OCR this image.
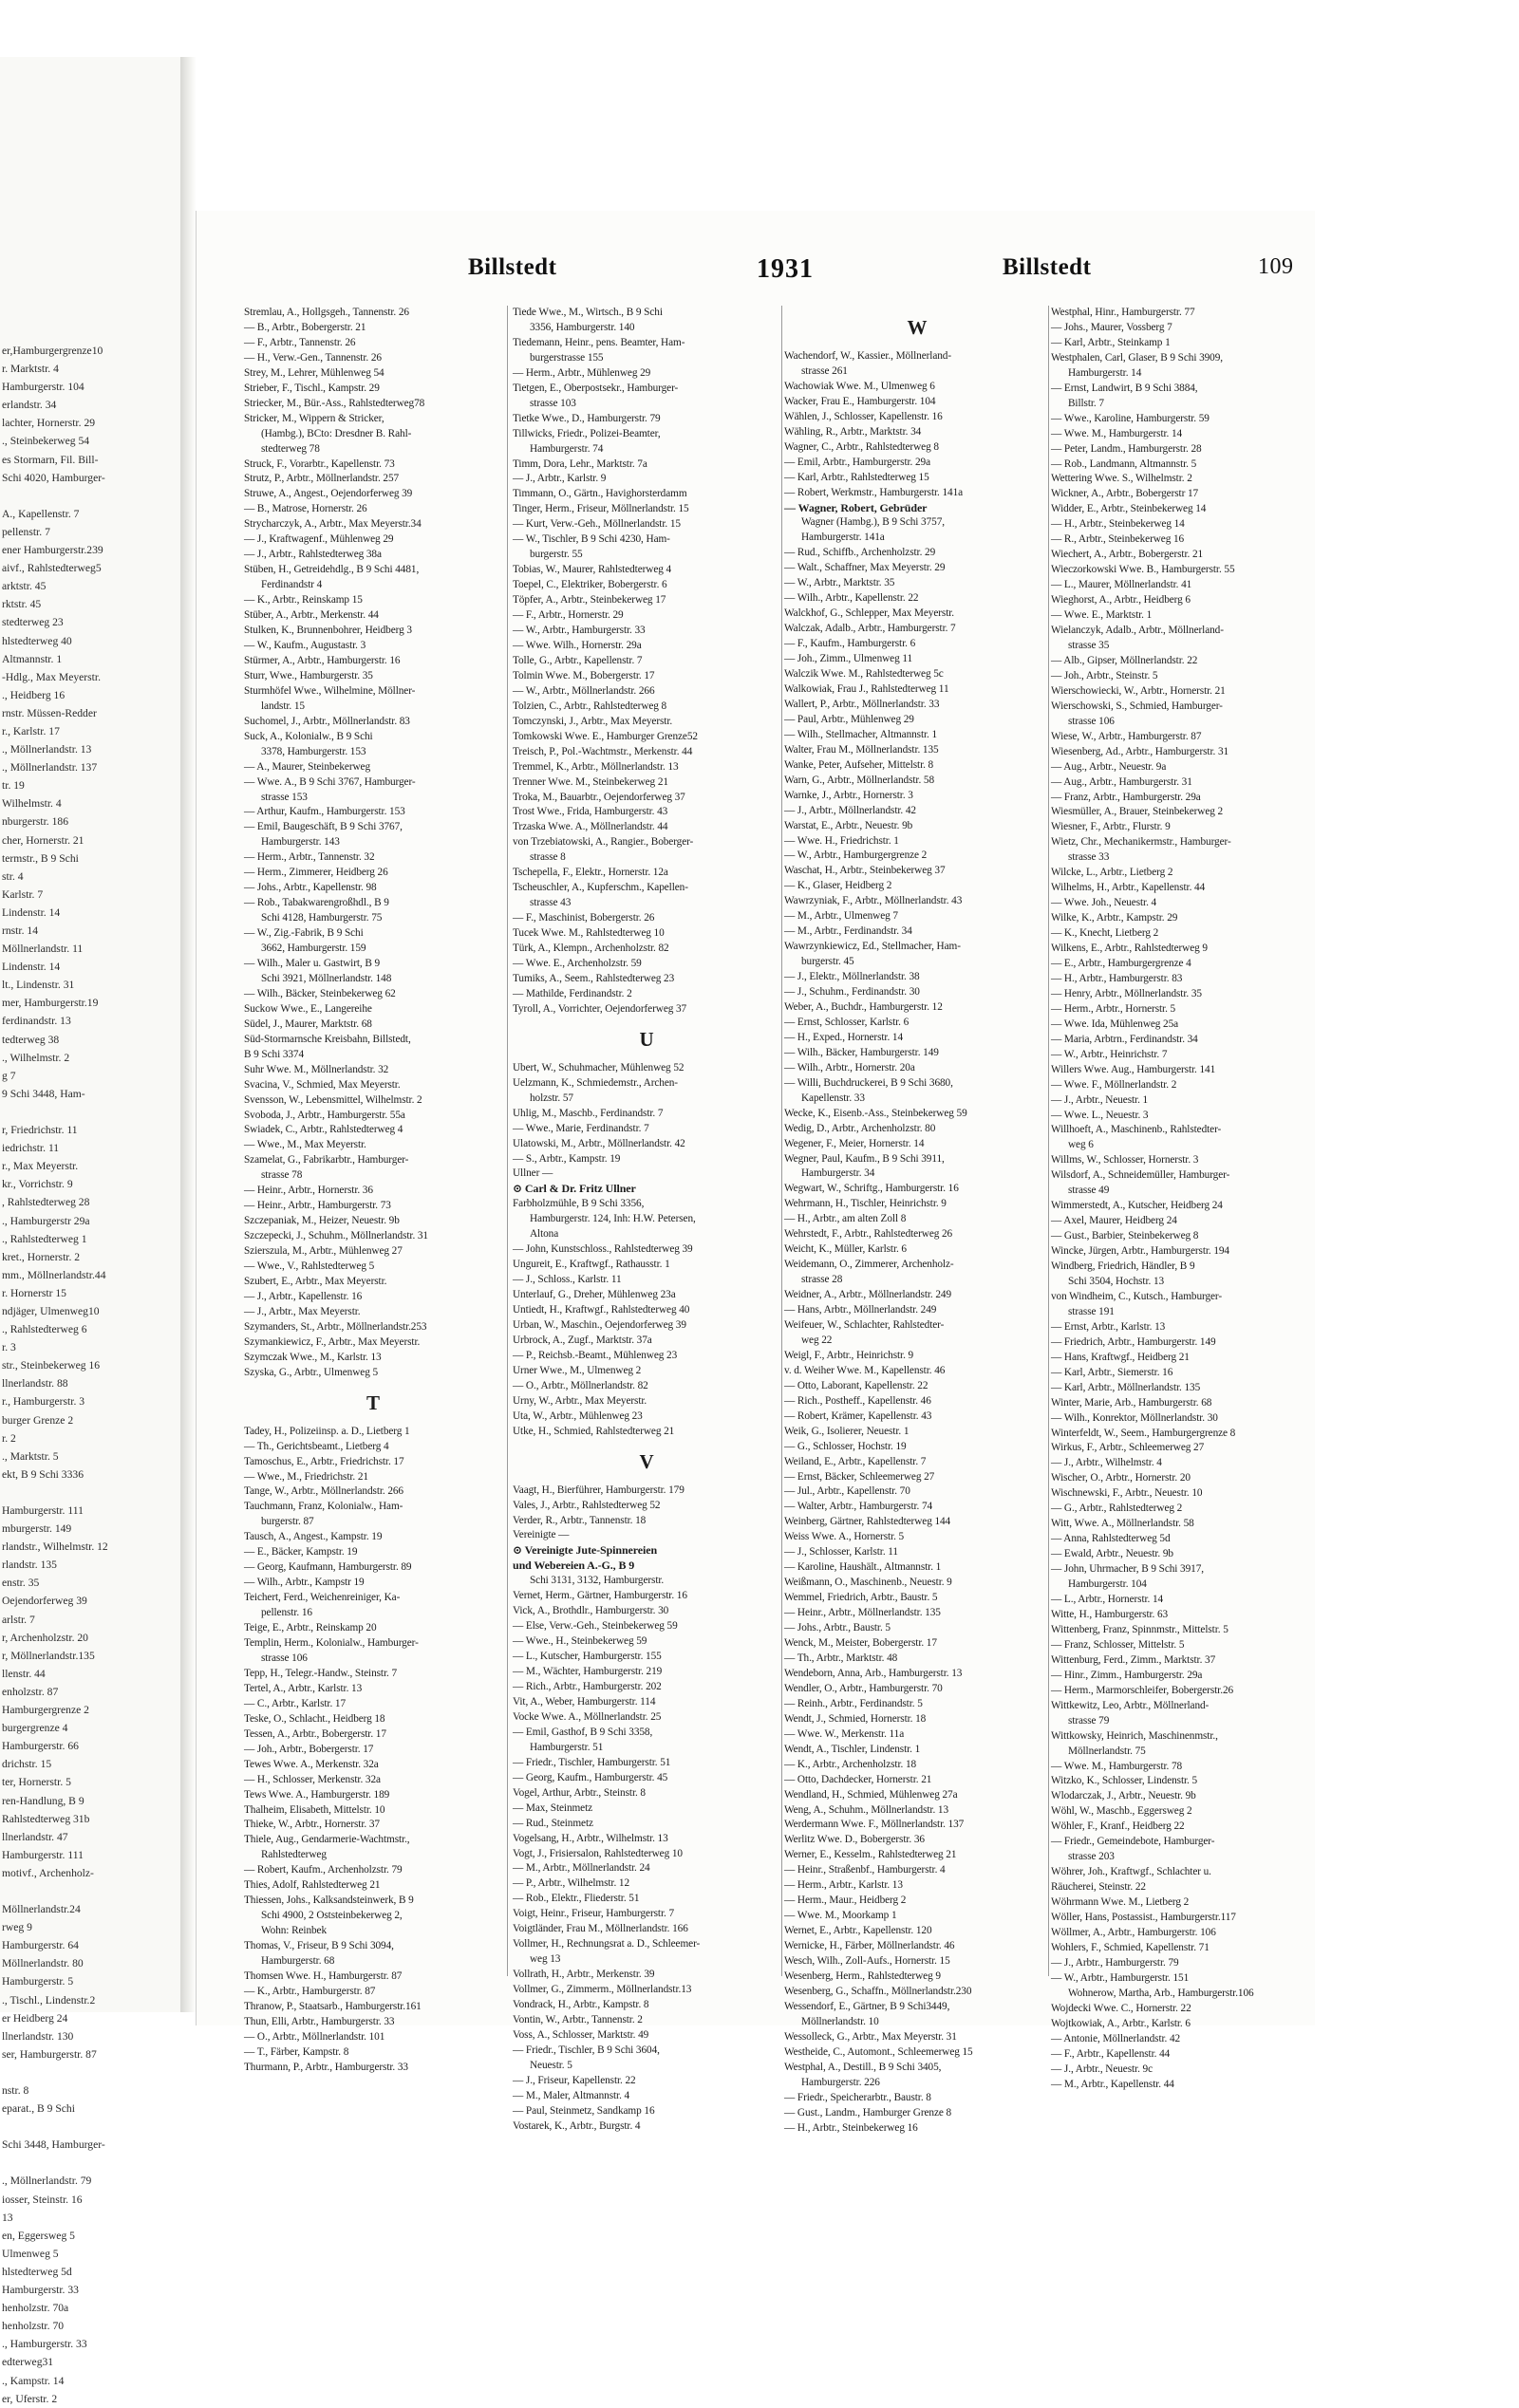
er,Hamburgergrenze10
r. Marktstr. 4
Hamburgerstr. 104
erlandstr. 34
lachter, Hornerstr. 29
., Steinbekerweg 54
es Stormarn, Fil. Bill-
Schi 4020, Hamburger-

A., Kapellenstr. 7
pellenstr. 7
ener Hamburgerstr.239
aivf., Rahlstedterweg5
arktstr. 45
rktstr. 45
stedterweg 23
hlstedterweg 40
Altmannstr. 1
-Hdlg., Max Meyerstr.
., Heidberg 16
rnstr. Müssen-Redder
r., Karlstr. 17
., Möllnerlandstr. 13
., Möllnerlandstr. 137
tr. 19
Wilhelmstr. 4
nburgerstr. 186
cher, Hornerstr. 21
termstr., B 9 Schi
str. 4
Karlstr. 7
Lindenstr. 14
rnstr. 14
Möllnerlandstr. 11
Lindenstr. 14
lt., Lindenstr. 31
mer, Hamburgerstr.19
ferdinandstr. 13
tedterweg 38
., Wilhelmstr. 2
g 7
9 Schi 3448, Ham-

r, Friedrichstr. 11
iedrichstr. 11
r., Max Meyerstr.
kr., Vorrichstr. 9
, Rahlstedterweg 28
., Hamburgerstr 29a
., Rahlstedterweg 1
kret., Hornerstr. 2
mm., Möllnerlandstr.44
r. Hornerstr 15
ndjäger, Ulmenweg10
., Rahlstedterweg 6
r. 3
str., Steinbekerweg 16
llnerlandstr. 88
r., Hamburgerstr. 3
burger Grenze 2
r. 2
., Marktstr. 5
ekt, B 9 Schi 3336

Hamburgerstr. 111
mburgerstr. 149
rlandstr., Wilhelmstr. 12
rlandstr. 135
enstr. 35
Oejendorferweg 39
arlstr. 7
r, Archenholzstr. 20
r, Möllnerlandstr.135
llenstr. 44
enholzstr. 87
Hamburgergrenze 2
burgergrenze 4
Hamburgerstr. 66
drichstr. 15
ter, Hornerstr. 5
ren-Handlung, B 9
Rahlstedterweg 31b
llnerlandstr. 47
Hamburgerstr. 111
motivf., Archenholz-

Möllnerlandstr.24
rweg 9
Hamburgerstr. 64
Möllnerlandstr. 80
Hamburgerstr. 5
., Tischl., Lindenstr.2
er Heidberg 24
llnerlandstr. 130
ser, Hamburgerstr. 87

nstr. 8
eparat., B 9 Schi

Schi 3448, Hamburger-

., Möllnerlandstr. 79
iosser, Steinstr. 16
13
en, Eggersweg 5
Ulmenweg 5
hlstedterweg 5d
Hamburgerstr. 33
henholzstr. 70a
henholzstr. 70
., Hamburgerstr. 33
edterweg31
., Kampstr. 14
er, Uferstr. 2
Billstedt	1931	Billstedt	109
Stremlau, A., Hollgsgeh., Tannenstr. 26
— B., Arbtr., Bobergerstr. 21
— F., Arbtr., Tannenstr. 26
— H., Verw.-Gen., Tannenstr. 26
Strey, M., Lehrer, Mühlenweg 54
Strieber, F., Tischl., Kampstr. 29
Striecker, M., Bür.-Ass., Rahlstedterweg78
Stricker, M., Wippern & Stricker,
(Hambg.), BCto: Dresdner B. Rahl-
stedterweg 78
Struck, F., Vorarbtr., Kapellenstr. 73
Strutz, P., Arbtr., Möllnerlandstr. 257
Struwe, A., Angest., Oejendorferweg 39
— B., Matrose, Hornerstr. 26
Strycharczyk, A., Arbtr., Max Meyerstr.34
— J., Kraftwagenf., Mühlenweg 29
— J., Arbtr., Rahlstedterweg 38a
Stüben, H., Getreidehdlg., B 9 Schi 4481,
Ferdinandstr 4
— K., Arbtr., Reinskamp 15
Stüber, A., Arbtr., Merkenstr. 44
Stulken, K., Brunnenbohrer, Heidberg 3
— W., Kaufm., Augustastr. 3
Stürmer, A., Arbtr., Hamburgerstr. 16
Sturr, Wwe., Hamburgerstr. 35
Sturmhöfel Wwe., Wilhelmine, Möllner-
landstr. 15
Suchomel, J., Arbtr., Möllnerlandstr. 83
Suck, A., Kolonialw., B 9 Schi
3378, Hamburgerstr. 153
— A., Maurer, Steinbekerweg
— Wwe. A., B 9 Schi 3767, Hamburger-
strasse 153
— Arthur, Kaufm., Hamburgerstr. 153
— Emil, Baugeschäft, B 9 Schi 3767,
Hamburgerstr. 143
— Herm., Arbtr., Tannenstr. 32
— Herm., Zimmerer, Heidberg 26
— Johs., Arbtr., Kapellenstr. 98
— Rob., Tabakwarengroßhdl., B 9
Schi 4128, Hamburgerstr. 75
— W., Zig.-Fabrik, B 9 Schi
3662, Hamburgerstr. 159
— Wilh., Maler u. Gastwirt, B 9
Schi 3921, Möllnerlandstr. 148
— Wilh., Bäcker, Steinbekerweg 62
Suckow Wwe., E., Langereihe
Südel, J., Maurer, Marktstr. 68
Süd-Stormarnsche Kreisbahn, Billstedt,
B 9 Schi 3374
Suhr Wwe. M., Möllnerlandstr. 32
Svacina, V., Schmied, Max Meyerstr.
Svensson, W., Lebensmittel, Wilhelmstr. 2
Svoboda, J., Arbtr., Hamburgerstr. 55a
Swiadek, C., Arbtr., Rahlstedterweg 4
— Wwe., M., Max Meyerstr.
Szamelat, G., Fabrikarbtr., Hamburger-
strasse 78
— Heinr., Arbtr., Hornerstr. 36
— Heinr., Arbtr., Hamburgerstr. 73
Szczepaniak, M., Heizer, Neuestr. 9b
Szczepecki, J., Schuhm., Möllnerlandstr. 31
Szierszula, M., Arbtr., Mühlenweg 27
— Wwe., V., Rahlstedterweg 5
Szubert, E., Arbtr., Max Meyerstr.
— J., Arbtr., Kapellenstr. 16
— J., Arbtr., Max Meyerstr.
Szymanders, St., Arbtr., Möllnerlandstr.253
Szymankiewicz, F., Arbtr., Max Meyerstr.
Szymczak Wwe., M., Karlstr. 13
Szyska, G., Arbtr., Ulmenweg 5
T
Tadey, H., Polizeiinsp. a. D., Lietberg 1
— Th., Gerichtsbeamt., Lietberg 4
Tamoschus, E., Arbtr., Friedrichstr. 17
— Wwe., M., Friedrichstr. 21
Tange, W., Arbtr., Möllnerlandstr. 266
Tauchmann, Franz, Kolonialw., Ham-
burgerstr. 87
Tausch, A., Angest., Kampstr. 19
— E., Bäcker, Kampstr. 19
— Georg, Kaufmann, Hamburgerstr. 89
— Wilh., Arbtr., Kampstr 19
Teichert, Ferd., Weichenreiniger, Ka-
pellenstr. 16
Teige, E., Arbtr., Reinskamp 20
Templin, Herm., Kolonialw., Hamburger-
strasse 106
Tepp, H., Telegr.-Handw., Steinstr. 7
Tertel, A., Arbtr., Karlstr. 13
— C., Arbtr., Karlstr. 17
Teske, O., Schlacht., Heidberg 18
Tessen, A., Arbtr., Bobergerstr. 17
— Joh., Arbtr., Bobergerstr. 17
Tewes Wwe. A., Merkenstr. 32a
— H., Schlosser, Merkenstr. 32a
Tews Wwe. A., Hamburgerstr. 189
Thalheim, Elisabeth, Mittelstr. 10
Thieke, W., Arbtr., Hornerstr. 37
Thiele, Aug., Gendarmerie-Wachtmstr.,
Rahlstedterweg
— Robert, Kaufm., Archenholzstr. 79
Thies, Adolf, Rahlstedterweg 21
Thiessen, Johs., Kalksandsteinwerk, B 9
Schi 4900, 2 Oststeinbekerweg 2,
Wohn: Reinbek
Thomas, V., Friseur, B 9 Schi 3094,
Hamburgerstr. 68
Thomsen Wwe. H., Hamburgerstr. 87
— K., Arbtr., Hamburgerstr. 87
Thranow, P., Staatsarb., Hamburgerstr.161
Thun, Elli, Arbtr., Hamburgerstr. 33
— O., Arbtr., Möllnerlandstr. 101
— T., Färber, Kampstr. 8
Thurmann, P., Arbtr., Hamburgerstr. 33
Tiede Wwe., M., Wirtsch., B 9 Schi
3356, Hamburgerstr. 140
Tiedemann, Heinr., pens. Beamter, Ham-
burgerstrasse 155
— Herm., Arbtr., Mühlenweg 29
Tietgen, E., Oberpostsekr., Hamburger-
strasse 103
Tietke Wwe., D., Hamburgerstr. 79
Tillwicks, Friedr., Polizei-Beamter,
Hamburgerstr. 74
Timm, Dora, Lehr., Marktstr. 7a
— J., Arbtr., Karlstr. 9
Timmann, O., Gärtn., Havighorsterdamm
Tinger, Herm., Friseur, Möllnerlandstr. 15
— Kurt, Verw.-Geh., Möllnerlandstr. 15
— W., Tischler, B 9 Schi 4230, Ham-
burgerstr. 55
Tobias, W., Maurer, Rahlstedterweg 4
Toepel, C., Elektriker, Bobergerstr. 6
Töpfer, A., Arbtr., Steinbekerweg 17
— F., Arbtr., Hornerstr. 29
— W., Arbtr., Hamburgerstr. 33
— Wwe. Wilh., Hornerstr. 29a
Tolle, G., Arbtr., Kapellenstr. 7
Tolmin Wwe. M., Bobergerstr. 17
— W., Arbtr., Möllnerlandstr. 266
Tolzien, C., Arbtr., Rahlstedterweg 8
Tomczynski, J., Arbtr., Max Meyerstr.
Tomkowski Wwe. E., Hamburger Grenze52
Treisch, P., Pol.-Wachtmstr., Merkenstr. 44
Tremmel, K., Arbtr., Möllnerlandstr. 13
Trenner Wwe. M., Steinbekerweg 21
Troka, M., Bauarbtr., Oejendorferweg 37
Trost Wwe., Frida, Hamburgerstr. 43
Trzaska Wwe. A., Möllnerlandstr. 44
von Trzebiatowski, A., Rangier., Boberger-
strasse 8
Tschepella, F., Elektr., Hornerstr. 12a
Tscheuschler, A., Kupferschm., Kapellen-
strasse 43
— F., Maschinist, Bobergerstr. 26
Tucek Wwe. M., Rahlstedterweg 10
Türk, A., Klempn., Archenholzstr. 82
— Wwe. E., Archenholzstr. 59
Tumiks, A., Seem., Rahlstedterweg 23
— Mathilde, Ferdinandstr. 2
Tyroll, A., Vorrichter, Oejendorferweg 37
U
Ubert, W., Schuhmacher, Mühlenweg 52
Uelzmann, K., Schmiedemstr., Archen-
holzstr. 57
Uhlig, M., Maschb., Ferdinandstr. 7
— Wwe., Marie, Ferdinandstr. 7
Ulatowski, M., Arbtr., Möllnerlandstr. 42
— S., Arbtr., Kampstr. 19
Ullner —
⊙ Carl & Dr. Fritz Ullner
Farbholzmühle, B 9 Schi 3356,
Hamburgerstr. 124, Inh: H.W. Petersen,
Altona
— John, Kunstschloss., Rahlstedterweg 39
Ungureit, E., Kraftwgf., Rathausstr. 1
— J., Schloss., Karlstr. 11
Unterlauf, G., Dreher, Mühlenweg 23a
Untiedt, H., Kraftwgf., Rahlstedterweg 40
Urban, W., Maschin., Oejendorferweg 39
Urbrock, A., Zugf., Marktstr. 37a
— P., Reichsb.-Beamt., Mühlenweg 23
Urner Wwe., M., Ulmenweg 2
— O., Arbtr., Möllnerlandstr. 82
Urny, W., Arbtr., Max Meyerstr.
Uta, W., Arbtr., Mühlenweg 23
Utke, H., Schmied, Rahlstedterweg 21
V
Vaagt, H., Bierführer, Hamburgerstr. 179
Vales, J., Arbtr., Rahlstedterweg 52
Verder, R., Arbtr., Tannenstr. 18
Vereinigte —
⊙ Vereinigte Jute-Spinnereien
und Webereien A.-G., B 9
Schi 3131, 3132, Hamburgerstr.
Vernet, Herm., Gärtner, Hamburgerstr. 16
Vick, A., Brothdlr., Hamburgerstr. 30
— Else, Verw.-Geh., Steinbekerweg 59
— Wwe., H., Steinbekerweg 59
— L., Kutscher, Hamburgerstr. 155
— M., Wächter, Hamburgerstr. 219
— Rich., Arbtr., Hamburgerstr. 202
Vit, A., Weber, Hamburgerstr. 114
Vocke Wwe. A., Möllnerlandstr. 25
— Emil, Gasthof, B 9 Schi 3358,
Hamburgerstr. 51
— Friedr., Tischler, Hamburgerstr. 51
— Georg, Kaufm., Hamburgerstr. 45
Vogel, Arthur, Arbtr., Steinstr. 8
— Max, Steinmetz
— Rud., Steinmetz
Vogelsang, H., Arbtr., Wilhelmstr. 13
Vogt, J., Frisiersalon, Rahlstedterweg 10
— M., Arbtr., Möllnerlandstr. 24
— P., Arbtr., Wilhelmstr. 12
— Rob., Elektr., Fliederstr. 51
Voigt, Heinr., Friseur, Hamburgerstr. 7
Voigtländer, Frau M., Möllnerlandstr. 166
Vollmer, H., Rechnungsrat a. D., Schleemer-
weg 13
Vollrath, H., Arbtr., Merkenstr. 39
Vollmer, G., Zimmerm., Möllnerlandstr.13
Vondrack, H., Arbtr., Kampstr. 8
Vontin, W., Arbtr., Tannenstr. 2
Voss, A., Schlosser, Marktstr. 49
— Friedr., Tischler, B 9 Schi 3604,
Neuestr. 5
— J., Friseur, Kapellenstr. 22
— M., Maler, Altmannstr. 4
— Paul, Steinmetz, Sandkamp 16
Vostarek, K., Arbtr., Burgstr. 4
W
Wachendorf, W., Kassier., Möllnerland-
strasse 261
Wachowiak Wwe. M., Ulmenweg 6
Wacker, Frau E., Hamburgerstr. 104
Wählen, J., Schlosser, Kapellenstr. 16
Wähling, R., Arbtr., Marktstr. 34
Wagner, C., Arbtr., Rahlstedterweg 8
— Emil, Arbtr., Hamburgerstr. 29a
— Karl, Arbtr., Rahlstedterweg 15
— Robert, Werkmstr., Hamburgerstr. 141a
— Wagner, Robert, Gebrüder
Wagner (Hambg.), B 9 Schi 3757,
Hamburgerstr. 141a
— Rud., Schiffb., Archenholzstr. 29
— Walt., Schaffner, Max Meyerstr. 29
— W., Arbtr., Marktstr. 35
— Wilh., Arbtr., Kapellenstr. 22
Walckhof, G., Schlepper, Max Meyerstr.
Walczak, Adalb., Arbtr., Hamburgerstr. 7
— F., Kaufm., Hamburgerstr. 6
— Joh., Zimm., Ulmenweg 11
Walczik Wwe. M., Rahlstedterweg 5c
Walkowiak, Frau J., Rahlstedterweg 11
Wallert, P., Arbtr., Möllnerlandstr. 33
— Paul, Arbtr., Mühlenweg 29
— Wilh., Stellmacher, Altmannstr. 1
Walter, Frau M., Möllnerlandstr. 135
Wanke, Peter, Aufseher, Mittelstr. 8
Warn, G., Arbtr., Möllnerlandstr. 58
Warnke, J., Arbtr., Hornerstr. 3
— J., Arbtr., Möllnerlandstr. 42
Warstat, E., Arbtr., Neuestr. 9b
— Wwe. H., Friedrichstr. 1
— W., Arbtr., Hamburgergrenze 2
Waschat, H., Arbtr., Steinbekerweg 37
— K., Glaser, Heidberg 2
Wawrzyniak, F., Arbtr., Möllnerlandstr. 43
— M., Arbtr., Ulmenweg 7
— M., Arbtr., Ferdinandstr. 34
Wawrzynkiewicz, Ed., Stellmacher, Ham-
burgerstr. 45
— J., Elektr., Möllnerlandstr. 38
— J., Schuhm., Ferdinandstr. 30
Weber, A., Buchdr., Hamburgerstr. 12
— Ernst, Schlosser, Karlstr. 6
— H., Exped., Hornerstr. 14
— Wilh., Bäcker, Hamburgerstr. 149
— Wilh., Arbtr., Hornerstr. 20a
— Willi, Buchdruckerei, B 9 Schi 3680,
Kapellenstr. 33
Wecke, K., Eisenb.-Ass., Steinbekerweg 59
Wedig, D., Arbtr., Archenholzstr. 80
Wegener, F., Meier, Hornerstr. 14
Wegner, Paul, Kaufm., B 9 Schi 3911,
Hamburgerstr. 34
Wegwart, W., Schriftg., Hamburgerstr. 16
Wehrmann, H., Tischler, Heinrichstr. 9
— H., Arbtr., am alten Zoll 8
Wehrstedt, F., Arbtr., Rahlstedterweg 26
Weicht, K., Müller, Karlstr. 6
Weidemann, O., Zimmerer, Archenholz-
strasse 28
Weidner, A., Arbtr., Möllnerlandstr. 249
— Hans, Arbtr., Möllnerlandstr. 249
Weifeuer, W., Schlachter, Rahlstedter-
weg 22
Weigl, F., Arbtr., Heinrichstr. 9
v. d. Weiher Wwe. M., Kapellenstr. 46
— Otto, Laborant, Kapellenstr. 22
— Rich., Postheff., Kapellenstr. 46
— Robert, Krämer, Kapellenstr. 43
Weik, G., Isolierer, Neuestr. 1
— G., Schlosser, Hochstr. 19
Weiland, E., Arbtr., Kapellenstr. 7
— Ernst, Bäcker, Schleemerweg 27
— Jul., Arbtr., Kapellenstr. 70
— Walter, Arbtr., Hamburgerstr. 74
Weinberg, Gärtner, Rahlstedterweg 144
Weiss Wwe. A., Hornerstr. 5
— J., Schlosser, Karlstr. 11
— Karoline, Haushält., Altmannstr. 1
Weißmann, O., Maschinenb., Neuestr. 9
Wemmel, Friedrich, Arbtr., Baustr. 5
— Heinr., Arbtr., Möllnerlandstr. 135
— Johs., Arbtr., Baustr. 5
Wenck, M., Meister, Bobergerstr. 17
— Th., Arbtr., Marktstr. 48
Wendeborn, Anna, Arb., Hamburgerstr. 13
Wendler, O., Arbtr., Hamburgerstr. 70
— Reinh., Arbtr., Ferdinandstr. 5
Wendt, J., Schmied, Hornerstr. 18
— Wwe. W., Merkenstr. 11a
Wendt, A., Tischler, Lindenstr. 1
— K., Arbtr., Archenholzstr. 18
— Otto, Dachdecker, Hornerstr. 21
Wendland, H., Schmied, Mühlenweg 27a
Weng, A., Schuhm., Möllnerlandstr. 13
Werdermann Wwe. F., Möllnerlandstr. 137
Werlitz Wwe. D., Bobergerstr. 36
Werner, E., Kesselm., Rahlstedterweg 21
— Heinr., Straßenbf., Hamburgerstr. 4
— Herm., Arbtr., Karlstr. 13
— Herm., Maur., Heidberg 2
— Wwe. M., Moorkamp 1
Wernet, E., Arbtr., Kapellenstr. 120
Wernicke, H., Färber, Möllnerlandstr. 46
Wesch, Wilh., Zoll-Aufs., Hornerstr. 15
Wesenberg, Herm., Rahlstedterweg 9
Wesenberg, G., Schaffn., Möllnerlandstr.230
Wessendorf, E., Gärtner, B 9 Schi3449,
Möllnerlandstr. 10
Wessolleck, G., Arbtr., Max Meyerstr. 31
Westheide, C., Automont., Schleemerweg 15
Westphal, A., Destill., B 9 Schi 3405,
Hamburgerstr. 226
— Friedr., Speicherarbtr., Baustr. 8
— Gust., Landm., Hamburger Grenze 8
— H., Arbtr., Steinbekerweg 16
Westphal, Hinr., Hamburgerstr. 77
— Johs., Maurer, Vossberg 7
— Karl, Arbtr., Steinkamp 1
Westphalen, Carl, Glaser, B 9 Schi 3909,
Hamburgerstr. 14
— Ernst, Landwirt, B 9 Schi 3884,
Billstr. 7
— Wwe., Karoline, Hamburgerstr. 59
— Wwe. M., Hamburgerstr. 14
— Peter, Landm., Hamburgerstr. 28
— Rob., Landmann, Altmannstr. 5
Wettering Wwe. S., Wilhelmstr. 2
Wickner, A., Arbtr., Bobergerstr 17
Widder, E., Arbtr., Steinbekerweg 14
— H., Arbtr., Steinbekerweg 14
— R., Arbtr., Steinbekerweg 16
Wiechert, A., Arbtr., Bobergerstr. 21
Wieczorkowski Wwe. B., Hamburgerstr. 55
— L., Maurer, Möllnerlandstr. 41
Wieghorst, A., Arbtr., Heidberg 6
— Wwe. E., Marktstr. 1
Wielanczyk, Adalb., Arbtr., Möllnerland-
strasse 35
— Alb., Gipser, Möllnerlandstr. 22
— Joh., Arbtr., Steinstr. 5
Wierschowiecki, W., Arbtr., Hornerstr. 21
Wierschowski, S., Schmied, Hamburger-
strasse 106
Wiese, W., Arbtr., Hamburgerstr. 87
Wiesenberg, Ad., Arbtr., Hamburgerstr. 31
— Aug., Arbtr., Neuestr. 9a
— Aug., Arbtr., Hamburgerstr. 31
— Franz, Arbtr., Hamburgerstr. 29a
Wiesmüller, A., Brauer, Steinbekerweg 2
Wiesner, F., Arbtr., Flurstr. 9
Wietz, Chr., Mechanikermstr., Hamburger-
strasse 33
Wilcke, L., Arbtr., Lietberg 2
Wilhelms, H., Arbtr., Kapellenstr. 44
— Wwe. Joh., Neuestr. 4
Wilke, K., Arbtr., Kampstr. 29
— K., Knecht, Lietberg 2
Wilkens, E., Arbtr., Rahlstedterweg 9
— E., Arbtr., Hamburgergrenze 4
— H., Arbtr., Hamburgerstr. 83
— Henry, Arbtr., Möllnerlandstr. 35
— Herm., Arbtr., Hornerstr. 5
— Wwe. Ida, Mühlenweg 25a
— Maria, Arbtrn., Ferdinandstr. 34
— W., Arbtr., Heinrichstr. 7
Willers Wwe. Aug., Hamburgerstr. 141
— Wwe. F., Möllnerlandstr. 2
— J., Arbtr., Neuestr. 1
— Wwe. L., Neuestr. 3
Willhoeft, A., Maschinenb., Rahlstedter-
weg 6
Willms, W., Schlosser, Hornerstr. 3
Wilsdorf, A., Schneidemüller, Hamburger-
strasse 49
Wimmerstedt, A., Kutscher, Heidberg 24
— Axel, Maurer, Heidberg 24
— Gust., Barbier, Steinbekerweg 8
Wincke, Jürgen, Arbtr., Hamburgerstr. 194
Windberg, Friedrich, Händler, B 9
Schi 3504, Hochstr. 13
von Windheim, C., Kutsch., Hamburger-
strasse 191
— Ernst, Arbtr., Karlstr. 13
— Friedrich, Arbtr., Hamburgerstr. 149
— Hans, Kraftwgf., Heidberg 21
— Karl, Arbtr., Siemerstr. 16
— Karl, Arbtr., Möllnerlandstr. 135
Winter, Marie, Arb., Hamburgerstr. 68
— Wilh., Konrektor, Möllnerlandstr. 30
Winterfeldt, W., Seem., Hamburgergrenze 8
Wirkus, F., Arbtr., Schleemerweg 27
— J., Arbtr., Wilhelmstr. 4
Wischer, O., Arbtr., Hornerstr. 20
Wischnewski, F., Arbtr., Neuestr. 10
— G., Arbtr., Rahlstedterweg 2
Witt, Wwe. A., Möllnerlandstr. 58
— Anna, Rahlstedterweg 5d
— Ewald, Arbtr., Neuestr. 9b
— John, Uhrmacher, B 9 Schi 3917,
Hamburgerstr. 104
— L., Arbtr., Hornerstr. 14
Witte, H., Hamburgerstr. 63
Wittenberg, Franz, Spinnmstr., Mittelstr. 5
— Franz, Schlosser, Mittelstr. 5
Wittenburg, Ferd., Zimm., Marktstr. 37
— Hinr., Zimm., Hamburgerstr. 29a
— Herm., Marmorschleifer, Bobergerstr.26
Wittkewitz, Leo, Arbtr., Möllnerland-
strasse 79
Wittkowsky, Heinrich, Maschinenmstr.,
Möllnerlandstr. 75
— Wwe. M., Hamburgerstr. 78
Witzko, K., Schlosser, Lindenstr. 5
Wlodarczak, J., Arbtr., Neuestr. 9b
Wöhl, W., Maschb., Eggersweg 2
Wöhler, F., Kranf., Heidberg 22
— Friedr., Gemeindebote, Hamburger-
strasse 203
Wöhrer, Joh., Kraftwgf., Schlachter u.
Räucherei, Steinstr. 22
Wöhrmann Wwe. M., Lietberg 2
Wöller, Hans, Postassist., Hamburgerstr.117
Wöllmer, A., Arbtr., Hamburgerstr. 106
Wohlers, F., Schmied, Kapellenstr. 71
— J., Arbtr., Hamburgerstr. 79
— W., Arbtr., Hamburgerstr. 151
Wohnerow, Martha, Arb., Hamburgerstr.106
Wojdecki Wwe. C., Hornerstr. 22
Wojtkowiak, A., Arbtr., Karlstr. 6
— Antonie, Möllnerlandstr. 42
— F., Arbtr., Kapellenstr. 44
— J., Arbtr., Neuestr. 9c
— M., Arbtr., Kapellenstr. 44
